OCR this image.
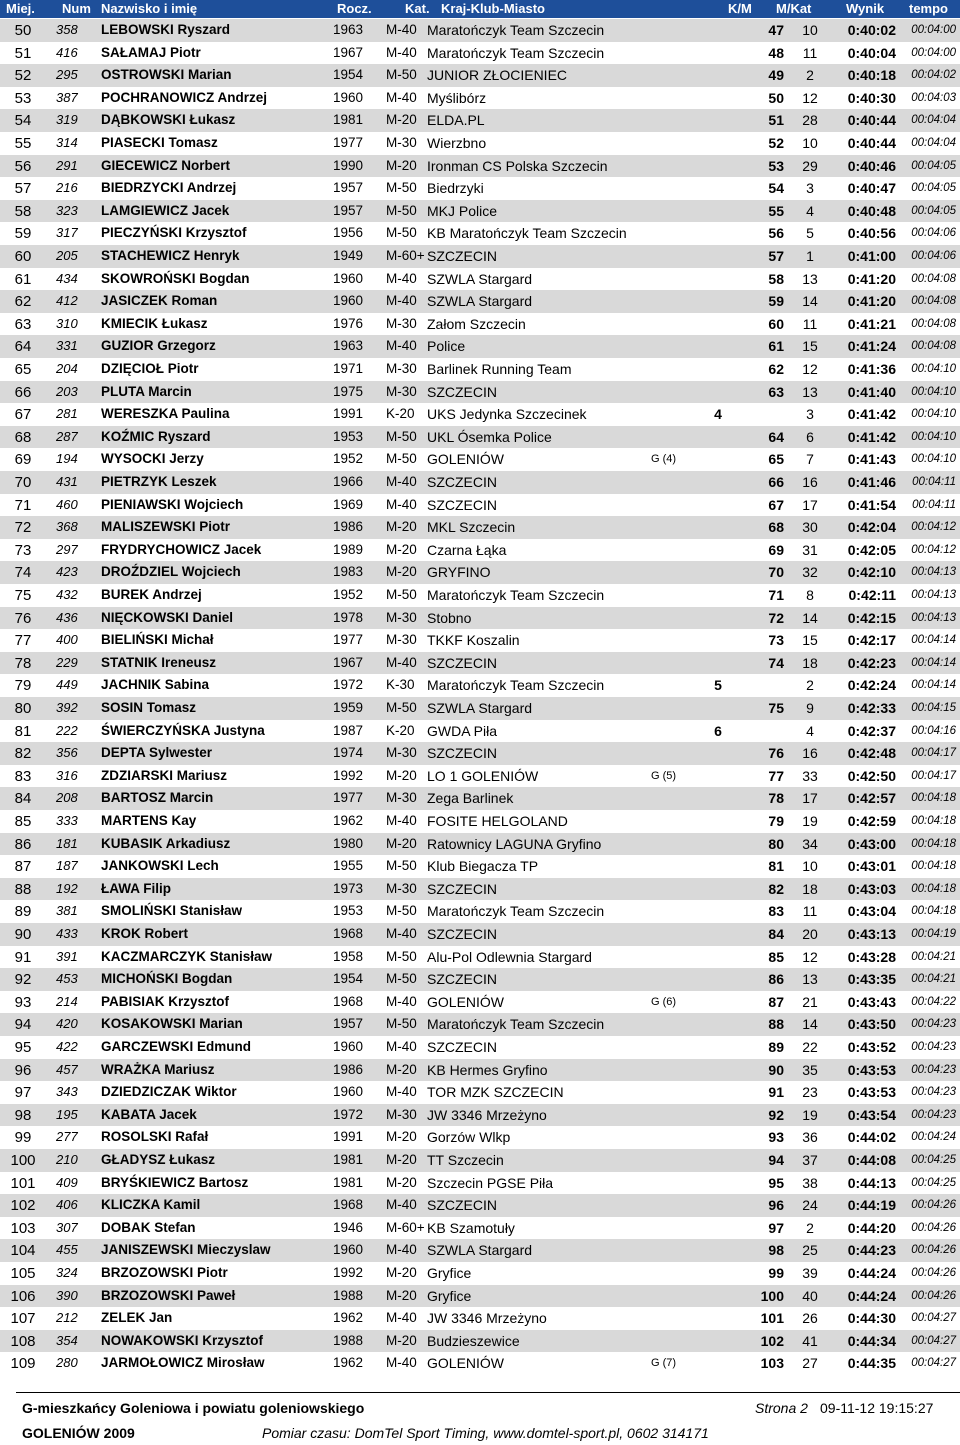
Miej. Num Nazwisko i imię	Rocz.	Kat. Kraj-Klub-Miasto	K/M M/Kat	Wynik tempo
50	358 LEBOWSKI Ryszard	1963 M-40 Maratończyk Team Szczecin	47	10	0:40:02	00:04:00
51	416 SAŁAMAJ Piotr	1967 M-40 Maratończyk Team Szczecin	48	11	0:40:04	00:04:00
52	295 OSTROWSKI Marian	1954 M-50 JUNIOR ZŁOCIENIEC	49	2	0:40:18	00:04:02
53	387 POCHRANOWICZ Andrzej	1960 M-40 Myślibórz	50	12	0:40:30	00:04:03
54	319 DĄBKOWSKI Łukasz	1981 M-20 ELDA.PL	51	28	0:40:44	00:04:04
55	314 PIASECKI Tomasz	1977 M-30 Wierzbno	52	10	0:40:44	00:04:04
56	291 GIECEWICZ Norbert	1990 M-20 Ironman CS Polska Szczecin	53	29	0:40:46	00:04:05
57	216 BIEDRZYCKI Andrzej	1957 M-50 Biedrzyki	54	3	0:40:47	00:04:05
58	323 LAMGIEWICZ Jacek	1957 M-50 MKJ Police	55	4	0:40:48	00:04:05
59	317 PIECZYŃSKI Krzysztof	1956 M-50 KB Maratończyk Team Szczecin	56	5	0:40:56	00:04:06
60	205 STACHEWICZ Henryk	1949 M-60+ SZCZECIN	57	1	0:41:00	00:04:06
61	434 SKOWROŃSKI Bogdan	1960 M-40 SZWLA Stargard	58	13	0:41:20	00:04:08
62	412 JASICZEK Roman	1960 M-40 SZWLA Stargard	59	14	0:41:20	00:04:08
63	310 KMIECIK Łukasz	1976 M-30 Załom Szczecin	60	11	0:41:21	00:04:08
64	331 GUZIOR Grzegorz	1963 M-40 Police	61	15	0:41:24	00:04:08
65	204 DZIĘCIOŁ Piotr	1971 M-30 Barlinek Running Team	62	12	0:41:36	00:04:10
66	203 PLUTA Marcin	1975 M-30 SZCZECIN	63	13	0:41:40	00:04:10
67	281 WERESZKA Paulina	1991 K-20 UKS Jedynka Szczecinek	4	3	0:41:42	00:04:10
68	287 KOŹMIC Ryszard	1953 M-50 UKL Ósemka Police	64	6	0:41:42	00:04:10
69	194 WYSOCKI Jerzy	1952 M-50 GOLENIÓW	G (4)	65	7	0:41:43	00:04:10
70	431 PIETRZYK Leszek	1966 M-40 SZCZECIN	66	16	0:41:46	00:04:11
71	460 PIENIAWSKI Wojciech	1969 M-40 SZCZECIN	67	17	0:41:54	00:04:11
72	368 MALISZEWSKI Piotr	1986 M-20 MKL Szczecin	68	30	0:42:04	00:04:12
73	297 FRYDRYCHOWICZ Jacek	1989 M-20 Czarna Łąka	69	31	0:42:05	00:04:12
74	423 DROŹDZIEL Wojciech	1983 M-20 GRYFINO	70	32	0:42:10	00:04:13
75	432 BUREK Andrzej	1952 M-50 Maratończyk Team Szczecin	71	8	0:42:11	00:04:13
76	436 NIĘCKOWSKI Daniel	1978 M-30 Stobno	72	14	0:42:15	00:04:13
77	400 BIELIŃSKI Michał	1977 M-30 TKKF Koszalin	73	15	0:42:17	00:04:14
78	229 STATNIK Ireneusz	1967 M-40 SZCZECIN	74	18	0:42:23	00:04:14
79	449 JACHNIK Sabina	1972 K-30 Maratończyk Team Szczecin	5	2	0:42:24	00:04:14
80	392 SOSIN Tomasz	1959 M-50 SZWLA Stargard	75	9	0:42:33	00:04:15
81	222 ŚWIERCZYŃSKA Justyna	1987 K-20 GWDA Piła	6	4	0:42:37	00:04:16
82	356 DEPTA Sylwester	1974 M-30 SZCZECIN	76	16	0:42:48	00:04:17
83	316 ZDZIARSKI Mariusz	1992 M-20 LO 1 GOLENIÓW	G (5)	77	33	0:42:50	00:04:17
84	208 BARTOSZ Marcin	1977 M-30 Zega Barlinek	78	17	0:42:57	00:04:18
85	333 MARTENS Kay	1962 M-40 FOSITE HELGOLAND	79	19	0:42:59	00:04:18
86	181 KUBASIK Arkadiusz	1980 M-20 Ratownicy LAGUNA Gryfino	80	34	0:43:00	00:04:18
87	187 JANKOWSKI Lech	1955 M-50 Klub Biegacza TP	81	10	0:43:01	00:04:18
88	192 ŁAWA Filip	1973 M-30 SZCZECIN	82	18	0:43:03	00:04:18
89	381 SMOLIŃSKI Stanisław	1953 M-50 Maratończyk Team Szczecin	83	11	0:43:04	00:04:18
90	433 KROK Robert	1968 M-40 SZCZECIN	84	20	0:43:13	00:04:19
91	391 KACZMARCZYK Stanisław	1958 M-50 Alu-Pol Odlewnia Stargard	85	12	0:43:28	00:04:21
92	453 MICHOŃSKI Bogdan	1954 M-50 SZCZECIN	86	13	0:43:35	00:04:21
93	214 PABISIAK Krzysztof	1968 M-40 GOLENIÓW	G (6)	87	21	0:43:43	00:04:22
94	420 KOSAKOWSKI Marian	1957 M-50 Maratończyk Team Szczecin	88	14	0:43:50	00:04:23
95	422 GARCZEWSKI Edmund	1960 M-40 SZCZECIN	89	22	0:43:52	00:04:23
96	457 WRAŻKA Mariusz	1986 M-20 KB Hermes Gryfino	90	35	0:43:53	00:04:23
97	343 DZIEDZICZAK Wiktor	1960 M-40 TOR MZK SZCZECIN	91	23	0:43:53	00:04:23
98	195 KABATA Jacek	1972 M-30 JW 3346 Mrzeżyno	92	19	0:43:54	00:04:23
99	277 ROSOLSKI Rafał	1991 M-20 Gorzów Wlkp	93	36	0:44:02	00:04:24
100	210 GŁADYSZ Łukasz	1981 M-20 TT Szczecin	94	37	0:44:08	00:04:25
101	409 BRYŚKIEWICZ Bartosz	1981 M-20 Szczecin PGSE Piła	95	38	0:44:13	00:04:25
102	406 KLICZKA Kamil	1968 M-40 SZCZECIN	96	24	0:44:19	00:04:26
103	307 DOBAK Stefan	1946 M-60+ KB Szamotuły	97	2	0:44:20	00:04:26
104	455 JANISZEWSKI Mieczyslaw	1960 M-40 SZWLA Stargard	98	25	0:44:23	00:04:26
105	324 BRZOZOWSKI Piotr	1992 M-20 Gryfice	99	39	0:44:24	00:04:26
106	390 BRZOZOWSKI Paweł	1988 M-20 Gryfice	100	40	0:44:24	00:04:26
107	212 ZELEK Jan	1962 M-40 JW 3346 Mrzeżyno	101	26	0:44:30	00:04:27
108	354 NOWAKOWSKI Krzysztof	1988 M-20 Budzieszewice	102	41	0:44:34	00:04:27
109	280 JARMOŁOWICZ Mirosław	1962 M-40 GOLENIÓW	G (7)	103	27	0:44:35	00:04:27
G-mieszkańcy Goleniowa i powiatu goleniowskiego	Strona 2 09-11-12 19:15:27
GOLENIÓW 2009	Pomiar czasu: DomTel Sport Timing, www.domtel-sport.pl, 0602 314171
